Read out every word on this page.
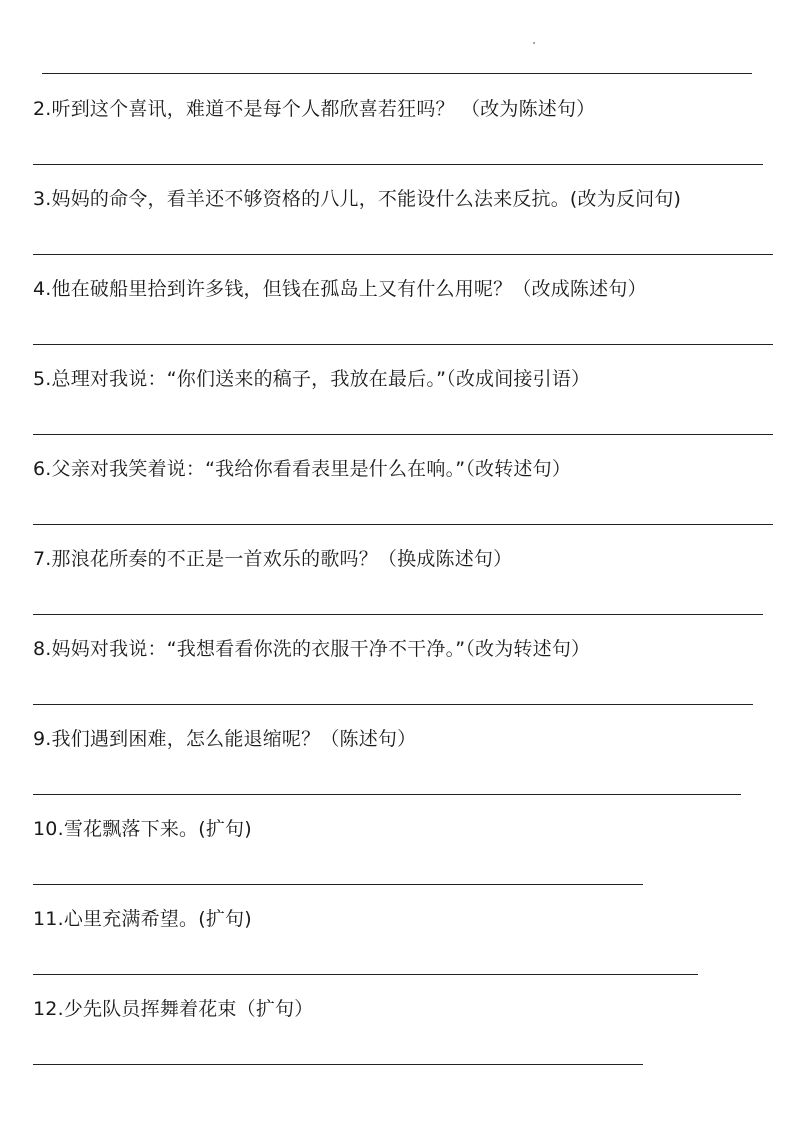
2.听到这个喜讯，难道不是每个人都欣喜若狂吗？ （改为陈述句）
3.妈妈的命令，看羊还不够资格的八儿，不能设什么法来反抗。(改为反问句)
4.他在破船里拾到许多钱，但钱在孤岛上又有什么用呢？（改成陈述句）
5.总理对我说：“你们送来的稿子，我放在最后。”（改成间接引语）
6.父亲对我笑着说：“我给你看看表里是什么在响。”（改转述句）
7.那浪花所奏的不正是一首欢乐的歌吗？（换成陈述句）
8.妈妈对我说：“我想看看你洗的衣服干净不干净。”（改为转述句）
9.我们遇到困难，怎么能退缩呢？（陈述句）
10.雪花飘落下来。(扩句)
11.心里充满希望。(扩句)
12.少先队员挥舞着花束（扩句）
